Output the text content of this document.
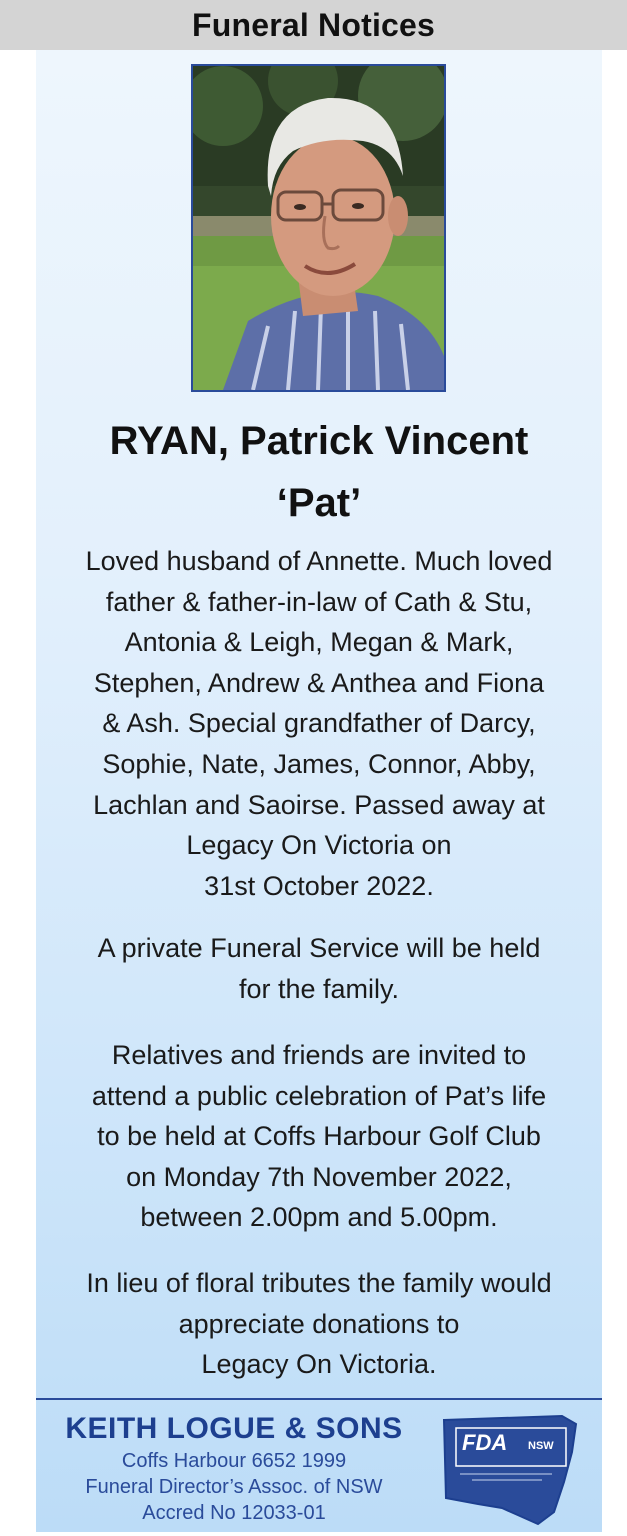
Funeral Notices
RYAN, Patrick Vincent
‘Pat’

Loved husband of Annette. Much loved
father & father-in-law of Cath & Stu,
Antonia & Leigh, Megan & Mark,
Stephen, Andrew & Anthea and Fiona
& Ash. Special grandfather of Darcy,
Sophie, Nate, James, Connor, Abby,
Lachlan and Saoirse. Passed away at
Legacy On Victoria on
31st October 2022.

A private Funeral Service will be held
for the family.

Relatives and friends are invited to
attend a public celebration of Pat’s life
to be held at Coffs Harbour Golf Club
on Monday 7th November 2022,
between 2.00pm and 5.00pm.

In lieu of floral tributes the family would
appreciate donations to
Legacy On Victoria.

KEITH LOGUE & SONS
Coffs Harbour 6652 1999
Funeral Director’s Assoc. of NSW
Accred No 12033-01
FDA NSW
